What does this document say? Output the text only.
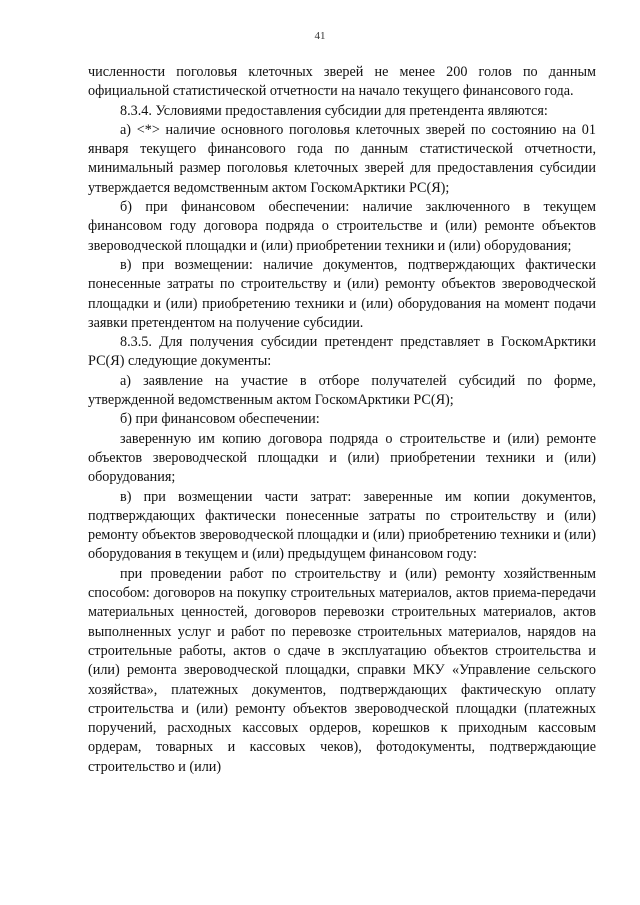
41

численности поголовья клеточных зверей не менее 200 голов по данным официальной статистической отчетности на начало текущего финансового года.

8.3.4. Условиями предоставления субсидии для претендента являются:

а) <*> наличие основного поголовья клеточных зверей по состоянию на 01 января текущего финансового года по данным статистической отчетности, минимальный размер поголовья клеточных зверей для предоставления субсидии утверждается ведомственным актом ГоскомАрктики РС(Я);

б) при финансовом обеспечении: наличие заключенного в текущем финансовом году договора подряда о строительстве и (или) ремонте объектов звероводческой площадки и (или) приобретении техники и (или) оборудования;

в) при возмещении: наличие документов, подтверждающих фактически понесенные затраты по строительству и (или) ремонту объектов звероводческой площадки и (или) приобретению техники и (или) оборудования на момент подачи заявки претендентом на получение субсидии.

8.3.5. Для получения субсидии претендент представляет в ГоскомАрктики РС(Я) следующие документы:

а) заявление на участие в отборе получателей субсидий по форме, утвержденной ведомственным актом ГоскомАрктики РС(Я);

б) при финансовом обеспечении:

заверенную им копию договора подряда о строительстве и (или) ремонте объектов звероводческой площадки и (или) приобретении техники и (или) оборудования;

в) при возмещении части затрат: заверенные им копии документов, подтверждающих фактически понесенные затраты по строительству и (или) ремонту объектов звероводческой площадки и (или) приобретению техники и (или) оборудования в текущем и (или) предыдущем финансовом году:

при проведении работ по строительству и (или) ремонту хозяйственным способом: договоров на покупку строительных материалов, актов приема-передачи материальных ценностей, договоров перевозки строительных материалов, актов выполненных услуг и работ по перевозке строительных материалов, нарядов на строительные работы, актов о сдаче в эксплуатацию объектов строительства и (или) ремонта звероводческой площадки, справки МКУ «Управление сельского хозяйства», платежных документов, подтверждающих фактическую оплату строительства и (или) ремонту объектов звероводческой площадки (платежных поручений, расходных кассовых ордеров, корешков к приходным кассовым ордерам, товарных и кассовых чеков), фотодокументы, подтверждающие строительство и (или)
